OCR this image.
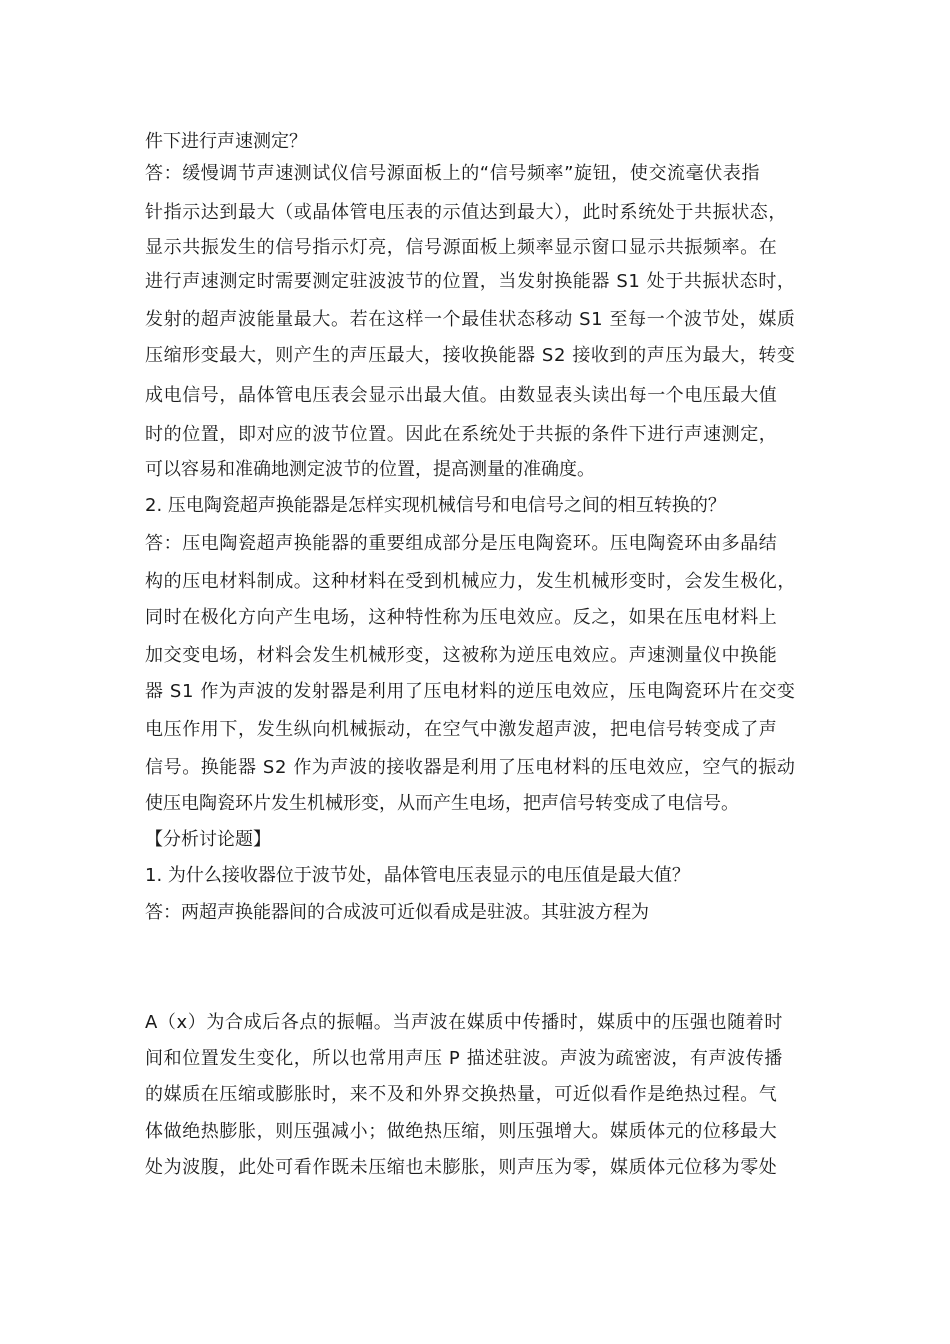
件下进行声速测定？
答：缓慢调节声速测试仪信号源面板上的“信号频率”旋钮，使交流毫伏表指
针指示达到最大（或晶体管电压表的示值达到最大），此时系统处于共振状态，
显示共振发生的信号指示灯亮，信号源面板上频率显示窗口显示共振频率。在
进行声速测定时需要测定驻波波节的位置，当发射换能器 S1 处于共振状态时，
发射的超声波能量最大。若在这样一个最佳状态移动 S1 至每一个波节处，媒质
压缩形变最大，则产生的声压最大，接收换能器 S2 接收到的声压为最大，转变
成电信号，晶体管电压表会显示出最大值。由数显表头读出每一个电压最大值
时的位置，即对应的波节位置。因此在系统处于共振的条件下进行声速测定，
可以容易和准确地测定波节的位置，提高测量的准确度。
2. 压电陶瓷超声换能器是怎样实现机械信号和电信号之间的相互转换的？
答：压电陶瓷超声换能器的重要组成部分是压电陶瓷环。压电陶瓷环由多晶结
构的压电材料制成。这种材料在受到机械应力，发生机械形变时，会发生极化，
同时在极化方向产生电场，这种特性称为压电效应。反之，如果在压电材料上
加交变电场，材料会发生机械形变，这被称为逆压电效应。声速测量仪中换能
器 S1 作为声波的发射器是利用了压电材料的逆压电效应，压电陶瓷环片在交变
电压作用下，发生纵向机械振动，在空气中激发超声波，把电信号转变成了声
信号。换能器 S2 作为声波的接收器是利用了压电材料的压电效应，空气的振动
使压电陶瓷环片发生机械形变，从而产生电场，把声信号转变成了电信号。
【分析讨论题】
1. 为什么接收器位于波节处，晶体管电压表显示的电压值是最大值？
答：两超声换能器间的合成波可近似看成是驻波。其驻波方程为
A（x）为合成后各点的振幅。当声波在媒质中传播时，媒质中的压强也随着时
间和位置发生变化，所以也常用声压 P 描述驻波。声波为疏密波，有声波传播
的媒质在压缩或膨胀时，来不及和外界交换热量，可近似看作是绝热过程。气
体做绝热膨胀，则压强减小；做绝热压缩，则压强增大。媒质体元的位移最大
处为波腹，此处可看作既未压缩也未膨胀，则声压为零，媒质体元位移为零处
